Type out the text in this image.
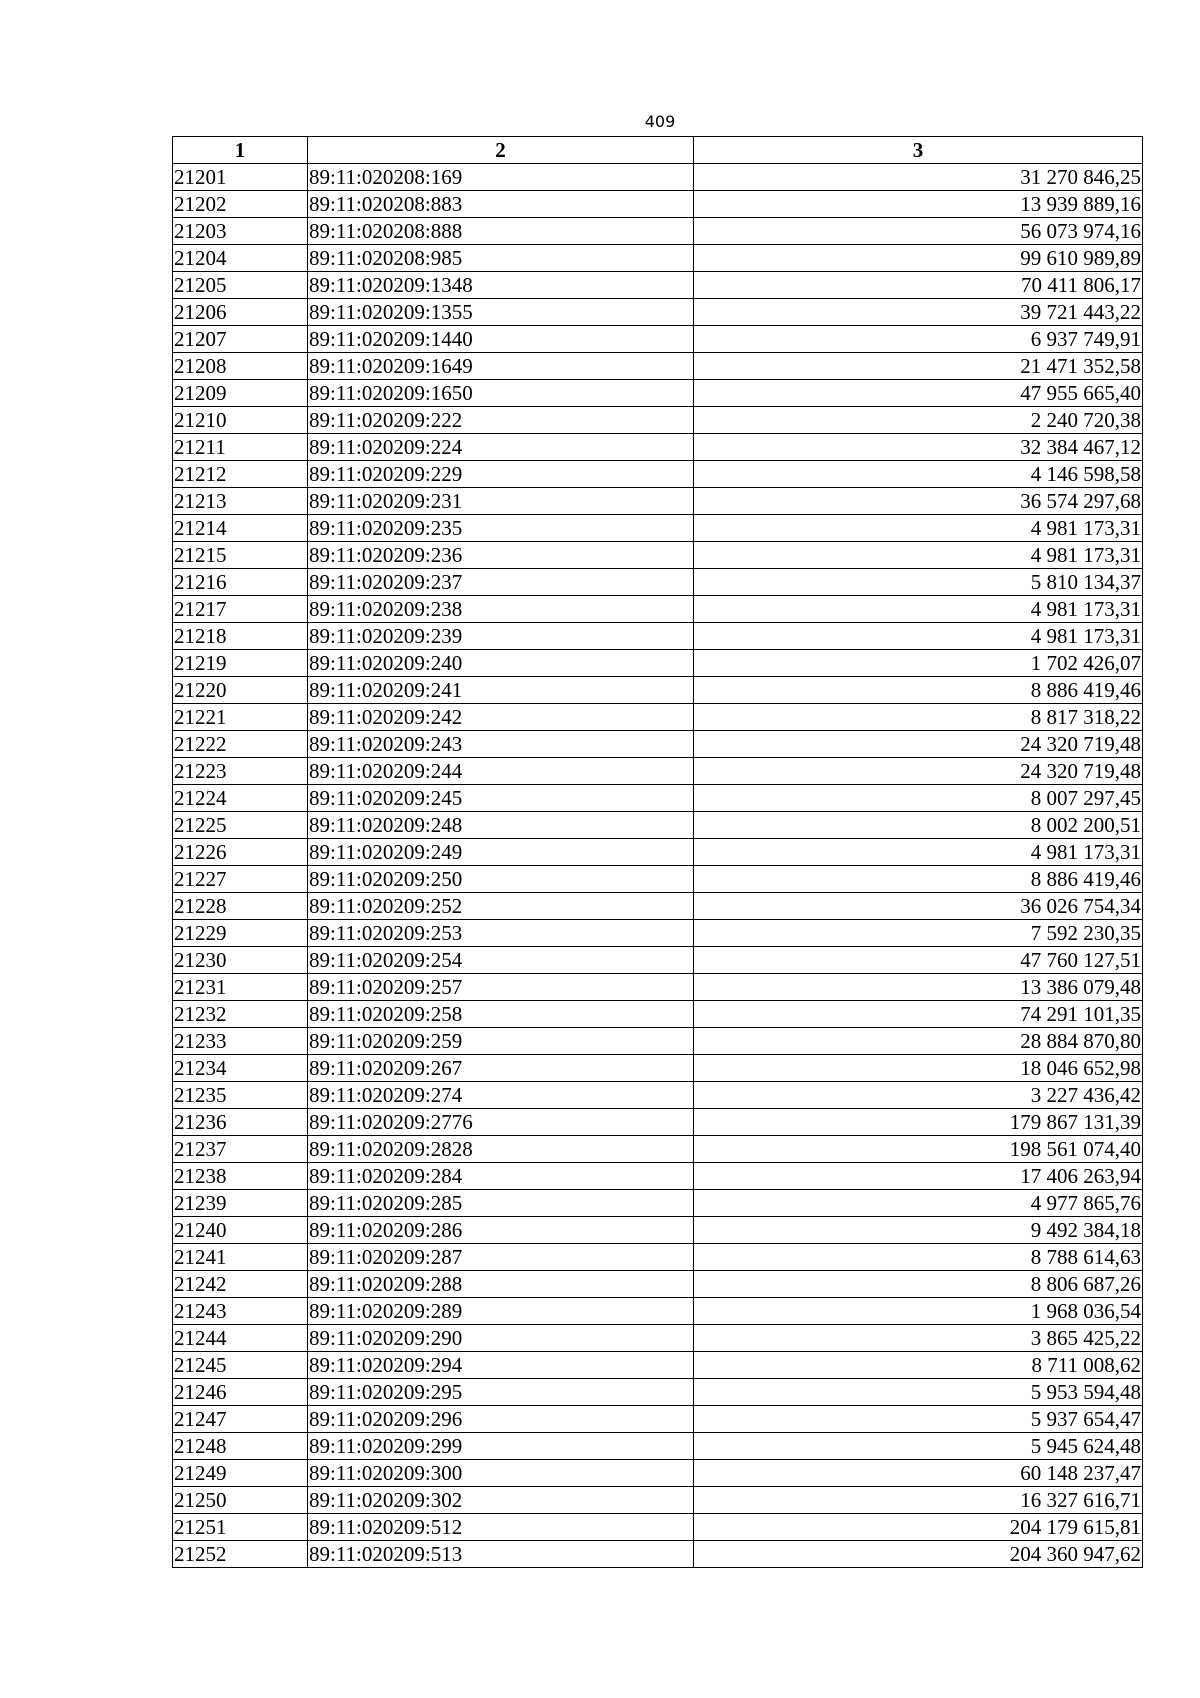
409
1	2	3
21201	89:11:020208:169	31 270 846,25
21202	89:11:020208:883	13 939 889,16
21203	89:11:020208:888	56 073 974,16
21204	89:11:020208:985	99 610 989,89
21205	89:11:020209:1348	70 411 806,17
21206	89:11:020209:1355	39 721 443,22
21207	89:11:020209:1440	6 937 749,91
21208	89:11:020209:1649	21 471 352,58
21209	89:11:020209:1650	47 955 665,40
21210	89:11:020209:222	2 240 720,38
21211	89:11:020209:224	32 384 467,12
21212	89:11:020209:229	4 146 598,58
21213	89:11:020209:231	36 574 297,68
21214	89:11:020209:235	4 981 173,31
21215	89:11:020209:236	4 981 173,31
21216	89:11:020209:237	5 810 134,37
21217	89:11:020209:238	4 981 173,31
21218	89:11:020209:239	4 981 173,31
21219	89:11:020209:240	1 702 426,07
21220	89:11:020209:241	8 886 419,46
21221	89:11:020209:242	8 817 318,22
21222	89:11:020209:243	24 320 719,48
21223	89:11:020209:244	24 320 719,48
21224	89:11:020209:245	8 007 297,45
21225	89:11:020209:248	8 002 200,51
21226	89:11:020209:249	4 981 173,31
21227	89:11:020209:250	8 886 419,46
21228	89:11:020209:252	36 026 754,34
21229	89:11:020209:253	7 592 230,35
21230	89:11:020209:254	47 760 127,51
21231	89:11:020209:257	13 386 079,48
21232	89:11:020209:258	74 291 101,35
21233	89:11:020209:259	28 884 870,80
21234	89:11:020209:267	18 046 652,98
21235	89:11:020209:274	3 227 436,42
21236	89:11:020209:2776	179 867 131,39
21237	89:11:020209:2828	198 561 074,40
21238	89:11:020209:284	17 406 263,94
21239	89:11:020209:285	4 977 865,76
21240	89:11:020209:286	9 492 384,18
21241	89:11:020209:287	8 788 614,63
21242	89:11:020209:288	8 806 687,26
21243	89:11:020209:289	1 968 036,54
21244	89:11:020209:290	3 865 425,22
21245	89:11:020209:294	8 711 008,62
21246	89:11:020209:295	5 953 594,48
21247	89:11:020209:296	5 937 654,47
21248	89:11:020209:299	5 945 624,48
21249	89:11:020209:300	60 148 237,47
21250	89:11:020209:302	16 327 616,71
21251	89:11:020209:512	204 179 615,81
21252	89:11:020209:513	204 360 947,62
